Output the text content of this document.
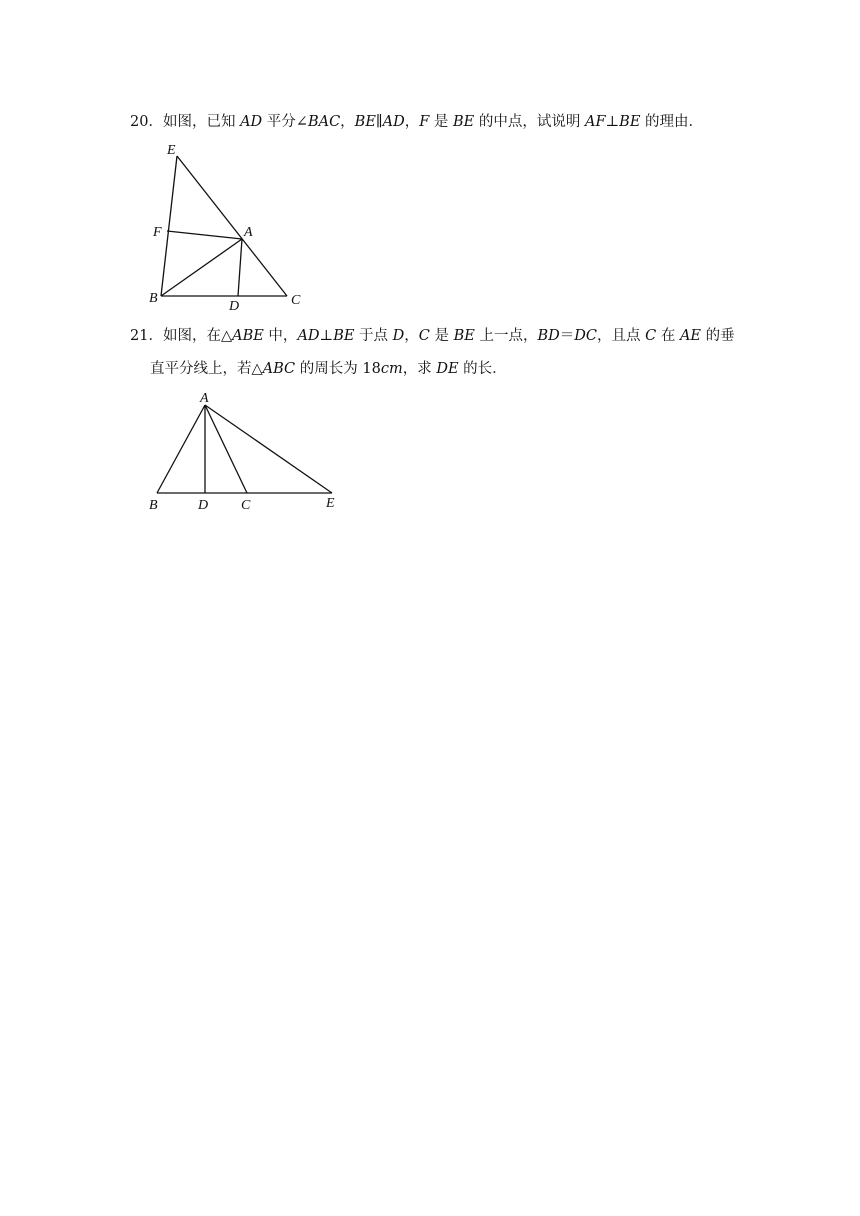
20．如图，已知 AD 平分∠BAC，BE∥AD，F 是 BE 的中点，试说明 AF⊥BE 的理由．
E
F	A
B
D	C
21．如图，在△ABE 中，AD⊥BE 于点 D，C 是 BE 上一点，BD＝DC，且点 C 在 AE 的垂
直平分线上，若△ABC 的周长为 18cm，求 DE 的长．
A
B	D C	E
